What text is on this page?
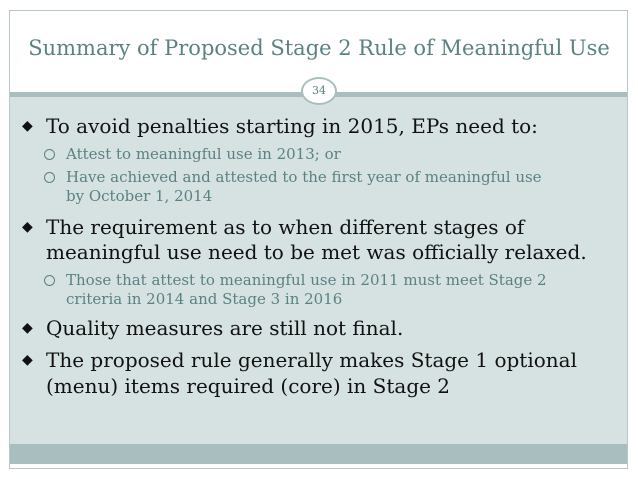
Summary of Proposed Stage 2 Rule of Meaningful Use
34
◆ To avoid penalties starting in 2015, EPs need to:
Attest to meaningful use in 2013; or
Have achieved and attested to the first year of meaningful use
by October 1, 2014
◆ The requirement as to when different stages of
meaningful use need to be met was officially relaxed.
Those that attest to meaningful use in 2011 must meet Stage 2
criteria in 2014 and Stage 3 in 2016
◆ Quality measures are still not final.
◆ The proposed rule generally makes Stage 1 optional
(menu) items required (core) in Stage 2
